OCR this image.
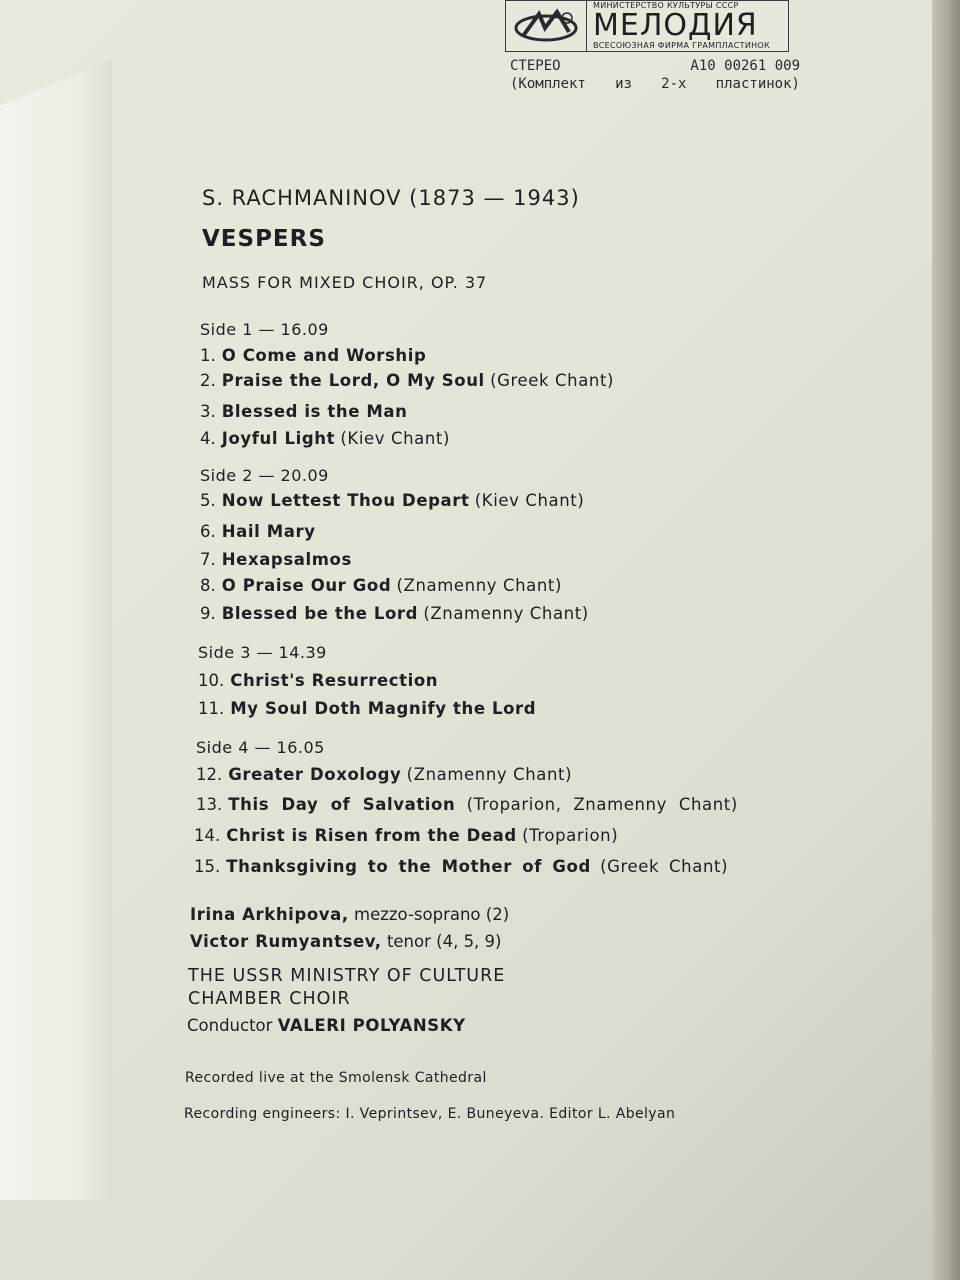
МИНИСТЕРСТВО КУЛЬТУРЫ СССР
МЕЛОДИЯ
ВСЕСОЮЗНАЯ ФИРМА ГРАМПЛАСТИНОК
СТЕРЕО	А10 00261 009
(Комплект из 2-х пластинок)
S. RACHMANINOV (1873 — 1943)
VESPERS
MASS FOR MIXED CHOIR, OP. 37
Side 1 — 16.09
1. O Come and Worship
2. Praise the Lord, O My Soul (Greek Chant)
3. Blessed is the Man
4. Joyful Light (Kiev Chant)
Side 2 — 20.09
5. Now Lettest Thou Depart (Kiev Chant)
6. Hail Mary
7. Hexapsalmos
8. O Praise Our God (Znamenny Chant)
9. Blessed be the Lord (Znamenny Chant)
Side 3 — 14.39
10. Christ's Resurrection
11. My Soul Doth Magnify the Lord
Side 4 — 16.05
12. Greater Doxology (Znamenny Chant)
13. This Day of Salvation (Troparion, Znamenny Chant)
14. Christ is Risen from the Dead (Troparion)
15. Thanksgiving to the Mother of God (Greek Chant)
Irina Arkhipova, mezzo-soprano (2)
Victor Rumyantsev, tenor (4, 5, 9)
THE USSR MINISTRY OF CULTURE
CHAMBER CHOIR
Conductor VALERI POLYANSKY
Recorded live at the Smolensk Cathedral
Recording engineers: I. Veprintsev, E. Buneyeva. Editor L. Abelyan
